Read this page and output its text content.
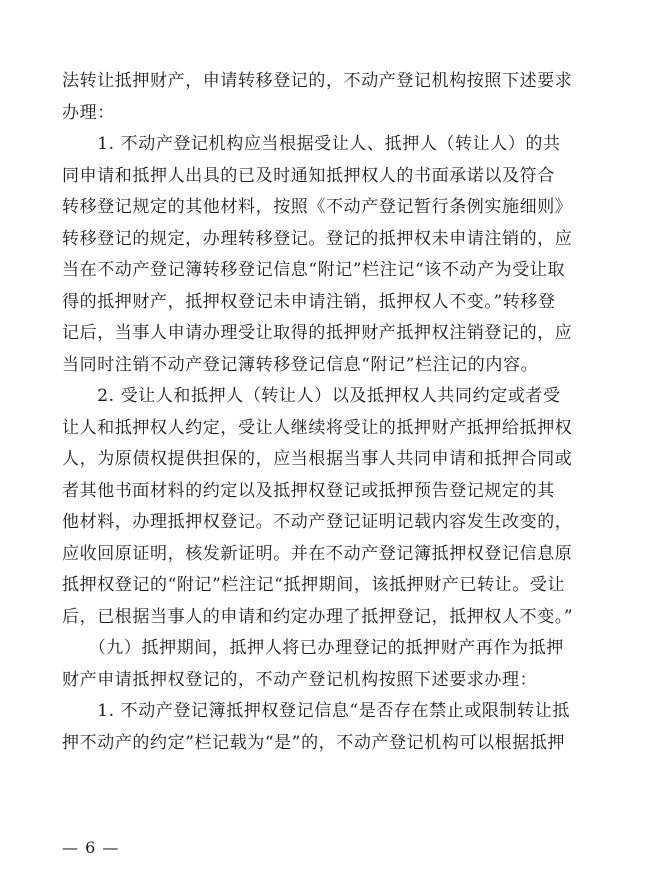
法转让抵押财产，申请转移登记的，不动产登记机构按照下述要求
办理：
　　1. 不动产登记机构应当根据受让人、抵押人（转让人）的共
同申请和抵押人出具的已及时通知抵押权人的书面承诺以及符合
转移登记规定的其他材料，按照《不动产登记暂行条例实施细则》
转移登记的规定，办理转移登记。登记的抵押权未申请注销的，应
当在不动产登记簿转移登记信息“附记”栏注记“该不动产为受让取
得的抵押财产，抵押权登记未申请注销，抵押权人不变。”转移登
记后，当事人申请办理受让取得的抵押财产抵押权注销登记的，应
当同时注销不动产登记簿转移登记信息“附记”栏注记的内容。
　　2. 受让人和抵押人（转让人）以及抵押权人共同约定或者受
让人和抵押权人约定，受让人继续将受让的抵押财产抵押给抵押权
人，为原债权提供担保的，应当根据当事人共同申请和抵押合同或
者其他书面材料的约定以及抵押权登记或抵押预告登记规定的其
他材料，办理抵押权登记。不动产登记证明记载内容发生改变的，
应收回原证明，核发新证明。并在不动产登记簿抵押权登记信息原
抵押权登记的“附记”栏注记“抵押期间，该抵押财产已转让。受让
后，已根据当事人的申请和约定办理了抵押登记，抵押权人不变。”
　　（九）抵押期间，抵押人将已办理登记的抵押财产再作为抵押
财产申请抵押权登记的，不动产登记机构按照下述要求办理：
　　1. 不动产登记簿抵押权登记信息“是否存在禁止或限制转让抵
押不动产的约定”栏记载为“是”的，不动产登记机构可以根据抵押
— 6 —
